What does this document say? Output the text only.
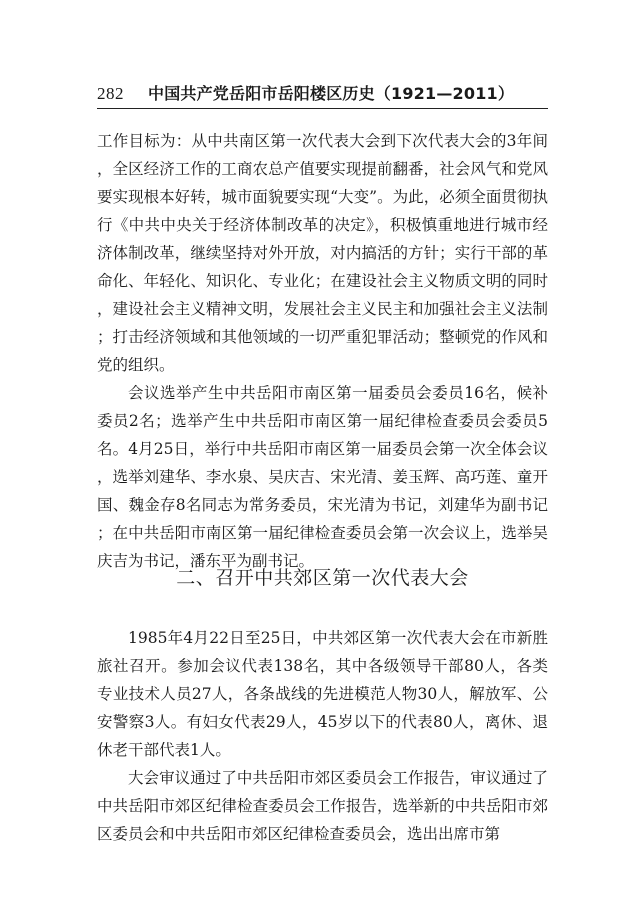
282 中国共产党岳阳市岳阳楼区历史（1921—2011）

工作目标为：从中共南区第一次代表大会到下次代表大会的3年间，全区经济工作的工商农总产值要实现提前翻番，社会风气和党风要实现根本好转，城市面貌要实现“大变”。为此，必须全面贯彻执行《中共中央关于经济体制改革的决定》，积极慎重地进行城市经济体制改革，继续坚持对外开放，对内搞活的方针；实行干部的革命化、年轻化、知识化、专业化；在建设社会主义物质文明的同时，建设社会主义精神文明，发展社会主义民主和加强社会主义法制；打击经济领域和其他领域的一切严重犯罪活动；整顿党的作风和党的组织。

会议选举产生中共岳阳市南区第一届委员会委员16名，候补委员2名；选举产生中共岳阳市南区第一届纪律检查委员会委员5名。4月25日，举行中共岳阳市南区第一届委员会第一次全体会议，选举刘建华、李水泉、吴庆吉、宋光清、姜玉辉、高巧莲、童开国、魏金存8名同志为常务委员，宋光清为书记，刘建华为副书记；在中共岳阳市南区第一届纪律检查委员会第一次会议上，选举吴庆吉为书记，潘东平为副书记。

二、召开中共郊区第一次代表大会

1985年4月22日至25日，中共郊区第一次代表大会在市新胜旅社召开。参加会议代表138名，其中各级领导干部80人，各类专业技术人员27人，各条战线的先进模范人物30人，解放军、公安警察3人。有妇女代表29人，45岁以下的代表80人，离休、退休老干部代表1人。

大会审议通过了中共岳阳市郊区委员会工作报告，审议通过了中共岳阳市郊区纪律检查委员会工作报告，选举新的中共岳阳市郊区委员会和中共岳阳市郊区纪律检查委员会，选出出席市第
